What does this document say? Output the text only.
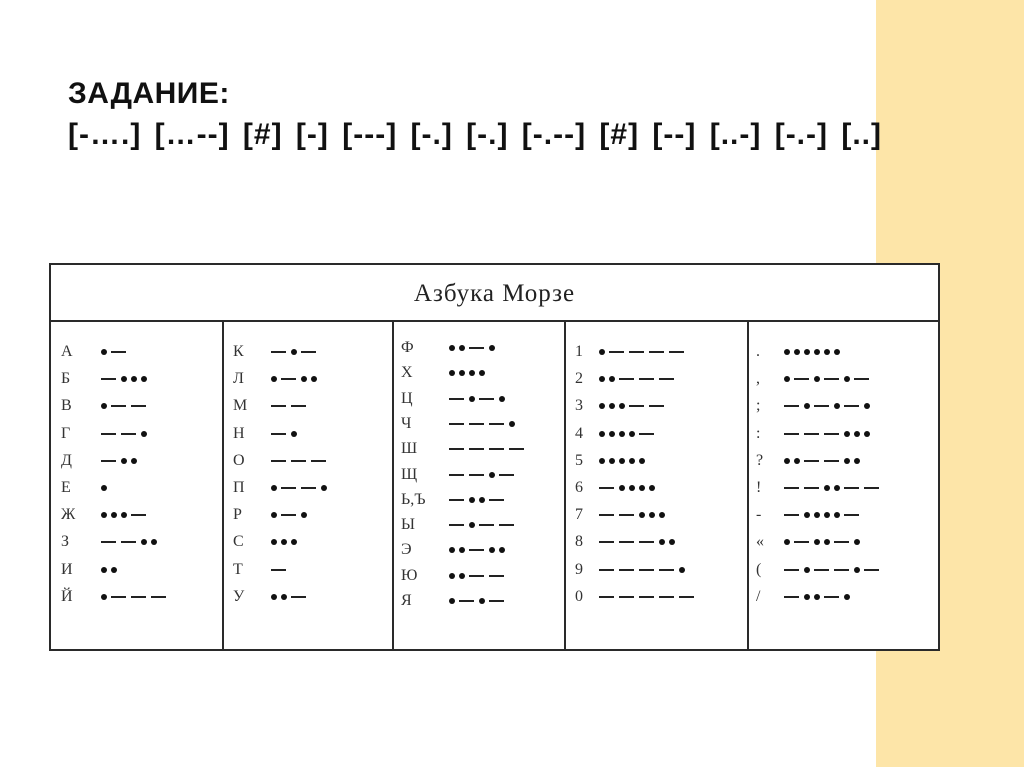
ЗАДАНИЕ:
[-….] […--] [#] [-] [---] [-.] [-.] [-.--] [#] [--] [..-] [-.-] [..]
Азбука Морзе
А
Б
В
Г
Д
Е
Ж
З
И
Й
К
Л
М
Н
О
П
Р
С
Т
У
Ф
Х
Ц
Ч
Ш
Щ
Ь,Ъ
Ы
Э
Ю
Я
1
2
3
4
5
6
7
8
9
0
.
,
;
:
?
!
-
«
(
/
